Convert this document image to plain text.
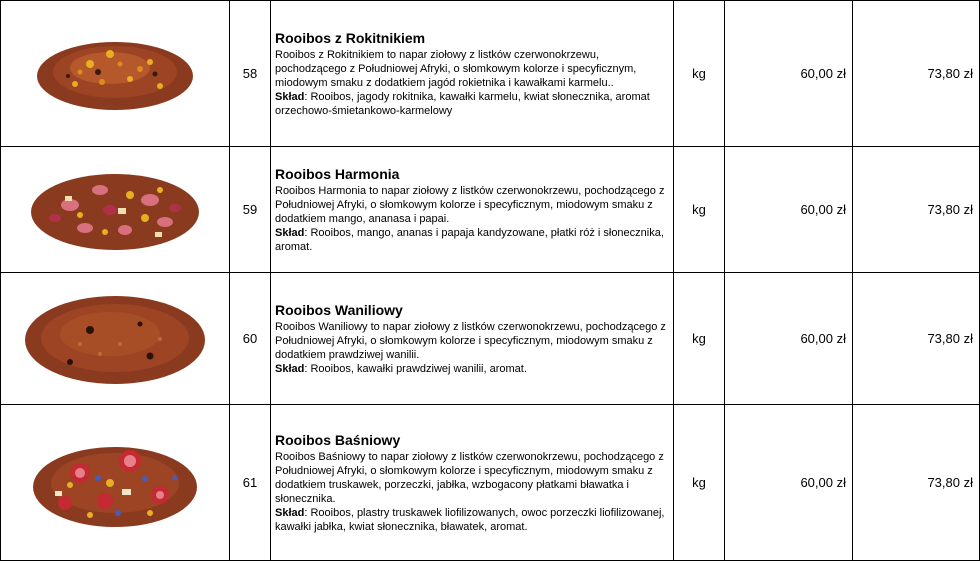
	58	Rooibos z Rokitnikiem
Rooibos z Rokitnikiem to napar ziołowy z listków czerwonokrzewu, pochodzącego z Południowej Afryki, o słomkowym kolorze i specyficznym, miodowym smaku z dodatkiem jagód rokietnika i kawałkami karmelu..
Skład: Rooibos, jagody rokitnika, kawałki karmelu, kwiat słonecznika, aromat orzechowo-śmietankowo-karmelowy	kg	60,00 zł	73,80 zł

	59	Rooibos Harmonia
Rooibos Harmonia to napar ziołowy z listków czerwonokrzewu, pochodzącego z Południowej Afryki, o słomkowym kolorze i specyficznym, miodowym smaku z dodatkiem mango, ananasa i papai.
Skład: Rooibos, mango, ananas i papaja kandyzowane, płatki róż i słonecznika, aromat.	kg	60,00 zł	73,80 zł

	60	Rooibos Waniliowy
Rooibos Waniliowy to napar ziołowy z listków czerwonokrzewu, pochodzącego z Południowej Afryki, o słomkowym kolorze i specyficznym, miodowym smaku z dodatkiem prawdziwej wanilii.
Skład: Rooibos, kawałki prawdziwej wanilii, aromat.	kg	60,00 zł	73,80 zł

	61	Rooibos Baśniowy
Rooibos Baśniowy to napar ziołowy z listków czerwonokrzewu, pochodzącego z Południowej Afryki, o słomkowym kolorze i specyficznym, miodowym smaku z dodatkiem truskawek, porzeczki, jabłka, wzbogacony płatkami bławatka i słonecznika.
Skład: Rooibos, plastry truskawek liofilizowanych, owoc porzeczki liofilizowanej, kawałki jabłka, kwiat słonecznika, bławatek, aromat.	kg	60,00 zł	73,80 zł
